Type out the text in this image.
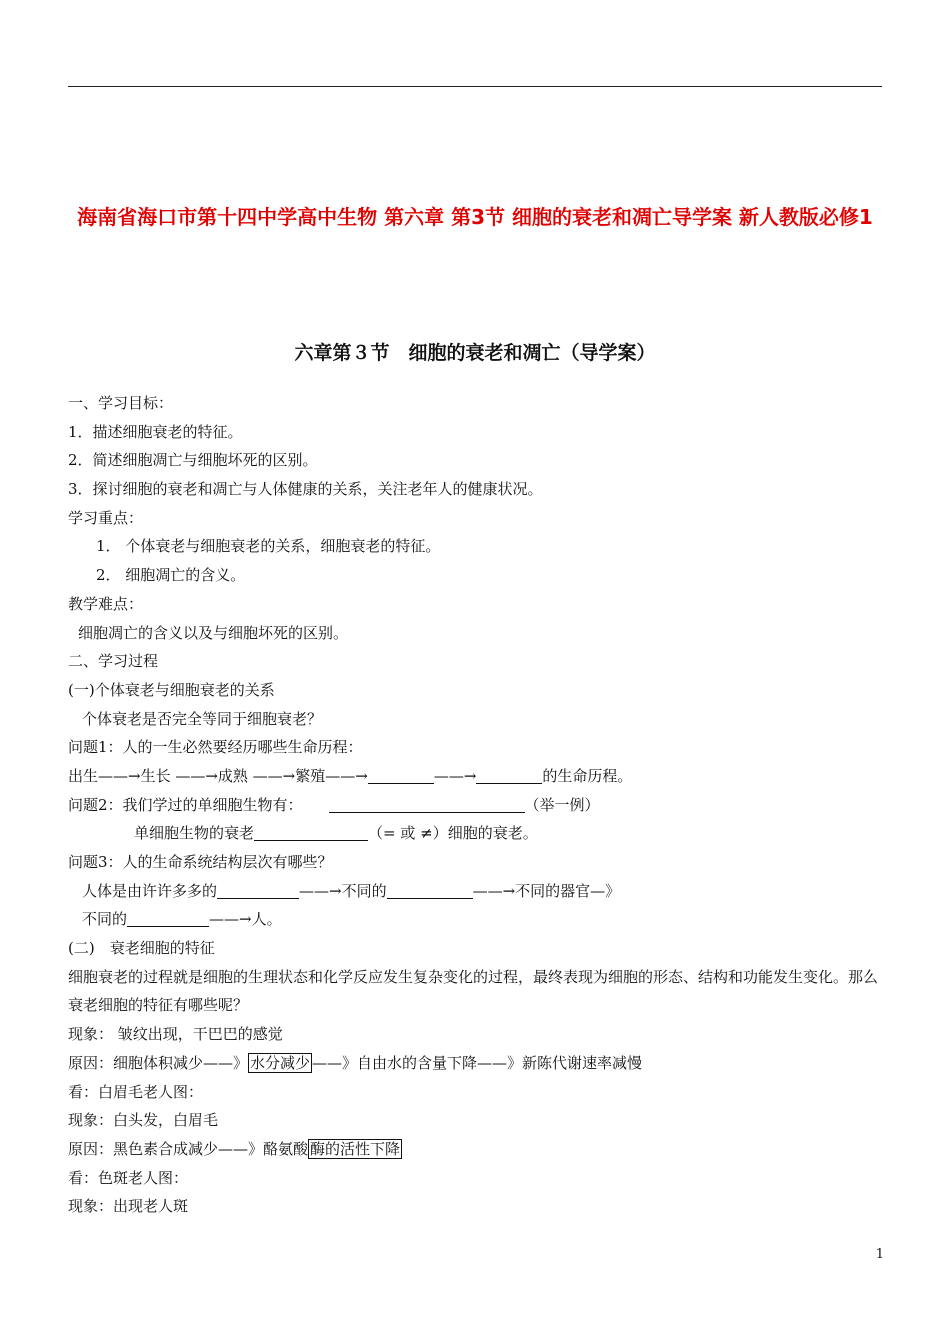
海南省海口市第十四中学高中生物 第六章 第3节 细胞的衰老和凋亡导学案 新人教版必修1
六章第３节　细胞的衰老和凋亡（导学案）
一、学习目标：
1．描述细胞衰老的特征。
2．简述细胞凋亡与细胞坏死的区别。
3．探讨细胞的衰老和凋亡与人体健康的关系，关注老年人的健康状况。
学习重点：
1． 个体衰老与细胞衰老的关系，细胞衰老的特征。
2． 细胞凋亡的含义。
教学难点：
细胞凋亡的含义以及与细胞坏死的区别。
二、学习过程
(一)个体衰老与细胞衰老的关系
个体衰老是否完全等同于细胞衰老？
问题1：人的一生必然要经历哪些生命历程：
出生——→生长 ——→成熟 ——→繁殖——→	——→	的生命历程。
问题2：我们学过的单细胞生物有：	（举一例）
单细胞生物的衰老	（= 或 ≠）细胞的衰老。
问题3：人的生命系统结构层次有哪些？
人体是由许许多多的	——→不同的	——→不同的器官—》
不同的	——→人。
(二)　衰老细胞的特征
细胞衰老的过程就是细胞的生理状态和化学反应发生复杂变化的过程，最终表现为细胞的形态、结构和功能发生变化。那么衰老细胞的特征有哪些呢？
现象： 皱纹出现，干巴巴的感觉
原因：细胞体积减少——》 水分减少 ——》自由水的含量下降——》新陈代谢速率减慢
看：白眉毛老人图：
现象：白头发，白眉毛
原因：黑色素合成减少——》酪氨酸 酶的活性下降
看：色斑老人图：
现象：出现老人斑
1
